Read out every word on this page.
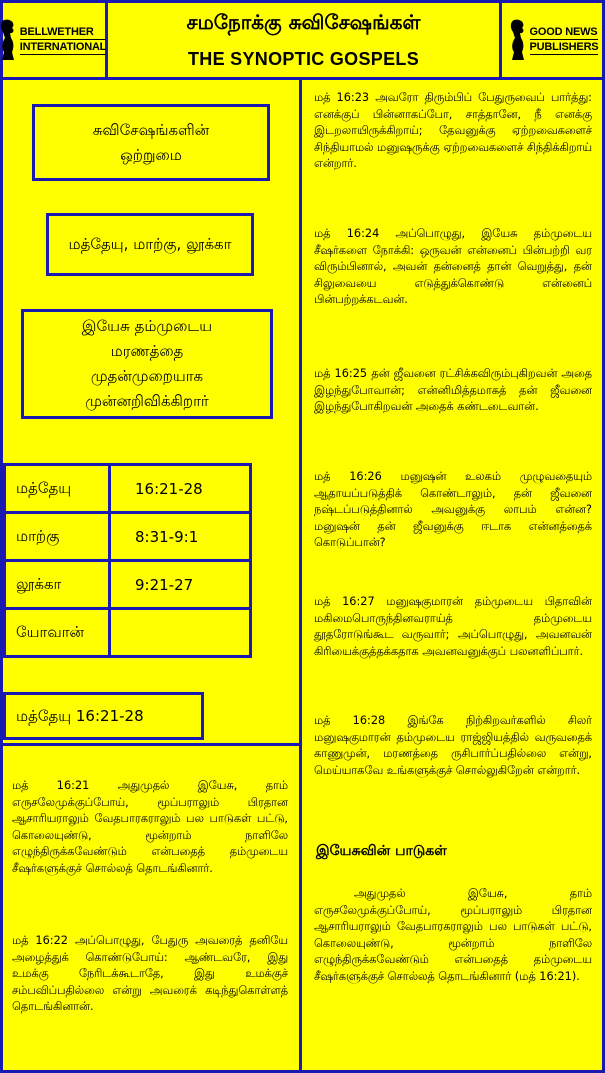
BELLWETHER
INTERNATIONAL
சமநோக்கு சுவிசேஷங்கள்
THE SYNOPTIC GOSPELS
GOOD NEWS
PUBLISHERS
சுவிசேஷங்களின் ஒற்றுமை
மத்தேயு, மாற்கு, லூக்கா
இயேசு தம்முடைய மரணத்தை முதன்முறையாக முன்னறிவிக்கிறார்
மத்தேயு	16:21-28
மாற்கு	8:31-9:1
லூக்கா	9:21-27
யோவான்	
மத்தேயு 16:21-28
மத் 16:21 அதுமுதல் இயேசு, தாம் எருசலேமுக்குப்போய், மூப்பராலும் பிரதான ஆசாரியராலும் வேதபாரகராலும் பல பாடுகள் பட்டு, கொலையுண்டு, மூன்றாம் நாளிலே எழுந்திருக்கவேண்டும் என்பதைத் தம்முடைய சீஷர்களுக்குச் சொல்லத் தொடங்கினார்.
மத் 16:22 அப்பொழுது, பேதுரு அவரைத் தனியே அழைத்துக் கொண்டுபோய்: ஆண்டவரே, இது உமக்கு நேரிடக்கூடாதே, இது உமக்குச் சம்பவிப்பதில்லை என்று அவரைக் கடிந்துகொள்ளத் தொடங்கினான்.
மத் 16:23 அவரோ திரும்பிப் பேதுருவைப் பார்த்து: எனக்குப் பின்னாகப்போ, சாத்தானே, நீ எனக்கு இடறலாயிருக்கிறாய்; தேவனுக்கு ஏற்றவைகளைச் சிந்தியாமல் மனுஷருக்கு ஏற்றவைகளைச் சிந்திக்கிறாய் என்றார்.
மத் 16:24 அப்பொழுது, இயேசு தம்முடைய சீஷர்களை நோக்கி: ஒருவன் என்னைப் பின்பற்றி வர விரும்பினால், அவன் தன்னைத் தான் வெறுத்து, தன் சிலுவையை எடுத்துக்கொண்டு என்னைப் பின்பற்றக்கடவன்.
மத் 16:25 தன் ஜீவனை ரட்சிக்கவிரும்புகிறவன் அதை இழந்துபோவான்; என்னிமித்தமாகத் தன் ஜீவனை இழந்துபோகிறவன் அதைக் கண்டடைவான்.
மத் 16:26 மனுஷன் உலகம் முழுவதையும் ஆதாயப்படுத்திக் கொண்டாலும், தன் ஜீவனை நஷ்டப்படுத்தினால் அவனுக்கு லாபம் என்ன? மனுஷன் தன் ஜீவனுக்கு ஈடாக என்னத்தைக் கொடுப்பான்?
மத் 16:27 மனுஷகுமாரன் தம்முடைய பிதாவின் மகிமைபொருந்தினவராய்த் தம்முடைய தூதரோடுங்கூட வருவார்; அப்பொழுது, அவனவன் கிரியைக்குத்தக்கதாக அவனவனுக்குப் பலனளிப்பார்.
மத் 16:28 இங்கே நிற்கிறவர்களில் சிலர் மனுஷகுமாரன் தம்முடைய ராஜ்ஜியத்தில் வருவதைக் காணுமுன், மரணத்தை ருசிபார்ப்பதில்லை என்று, மெய்யாகவே உங்களுக்குச் சொல்லுகிறேன் என்றார்.
இயேசுவின் பாடுகள்
அதுமுதல் இயேசு, தாம் எருசலேமுக்குப்போய், மூப்பராலும் பிரதான ஆசாரியராலும் வேதபாரகராலும் பல பாடுகள் பட்டு, கொலையுண்டு, மூன்றாம் நாளிலே எழுந்திருக்கவேண்டும் என்பதைத் தம்முடைய சீஷர்களுக்குச் சொல்லத் தொடங்கினார் (மத் 16:21).
